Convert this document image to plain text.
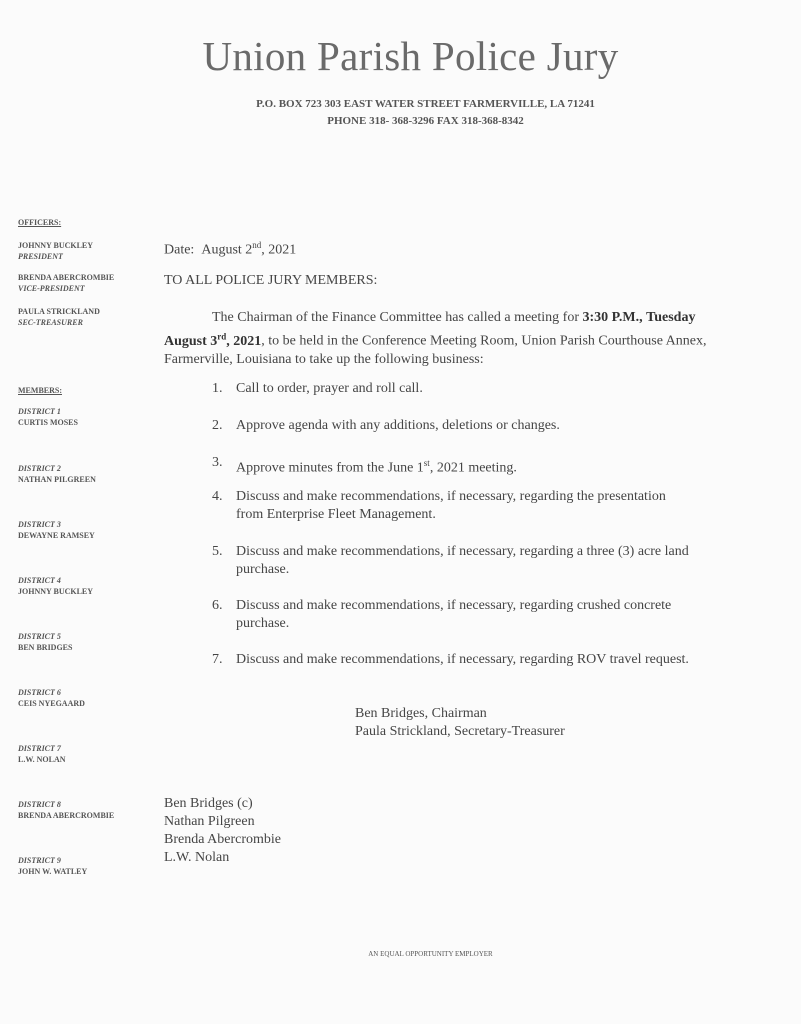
Union Parish Police Jury
P.O. BOX 723 303 EAST WATER STREET FARMERVILLE, LA 71241
PHONE 318- 368-3296 FAX 318-368-8342
OFFICERS:
JOHNNY BUCKLEY
PRESIDENT
BRENDA ABERCROMBIE
VICE-PRESIDENT
PAULA STRICKLAND
SEC-TREASURER
MEMBERS:
DISTRICT 1
CURTIS MOSES
DISTRICT 2
NATHAN PILGREEN
DISTRICT 3
DEWAYNE RAMSEY
DISTRICT 4
JOHNNY BUCKLEY
DISTRICT 5
BEN BRIDGES
DISTRICT 6
CEIS NYEGAARD
DISTRICT 7
L.W. NOLAN
DISTRICT 8
BRENDA ABERCROMBIE
DISTRICT 9
JOHN W. WATLEY
Date: August 2nd, 2021
TO ALL POLICE JURY MEMBERS:
The Chairman of the Finance Committee has called a meeting for 3:30 P.M., Tuesday August 3rd, 2021, to be held in the Conference Meeting Room, Union Parish Courthouse Annex, Farmerville, Louisiana to take up the following business:
1. Call to order, prayer and roll call.
2. Approve agenda with any additions, deletions or changes.
3. Approve minutes from the June 1st, 2021 meeting.
4. Discuss and make recommendations, if necessary, regarding the presentation from Enterprise Fleet Management.
5. Discuss and make recommendations, if necessary, regarding a three (3) acre land purchase.
6. Discuss and make recommendations, if necessary, regarding crushed concrete purchase.
7. Discuss and make recommendations, if necessary, regarding ROV travel request.
Ben Bridges, Chairman
Paula Strickland, Secretary-Treasurer
Ben Bridges (c)
Nathan Pilgreen
Brenda Abercrombie
L.W. Nolan
AN EQUAL OPPORTUNITY EMPLOYER
